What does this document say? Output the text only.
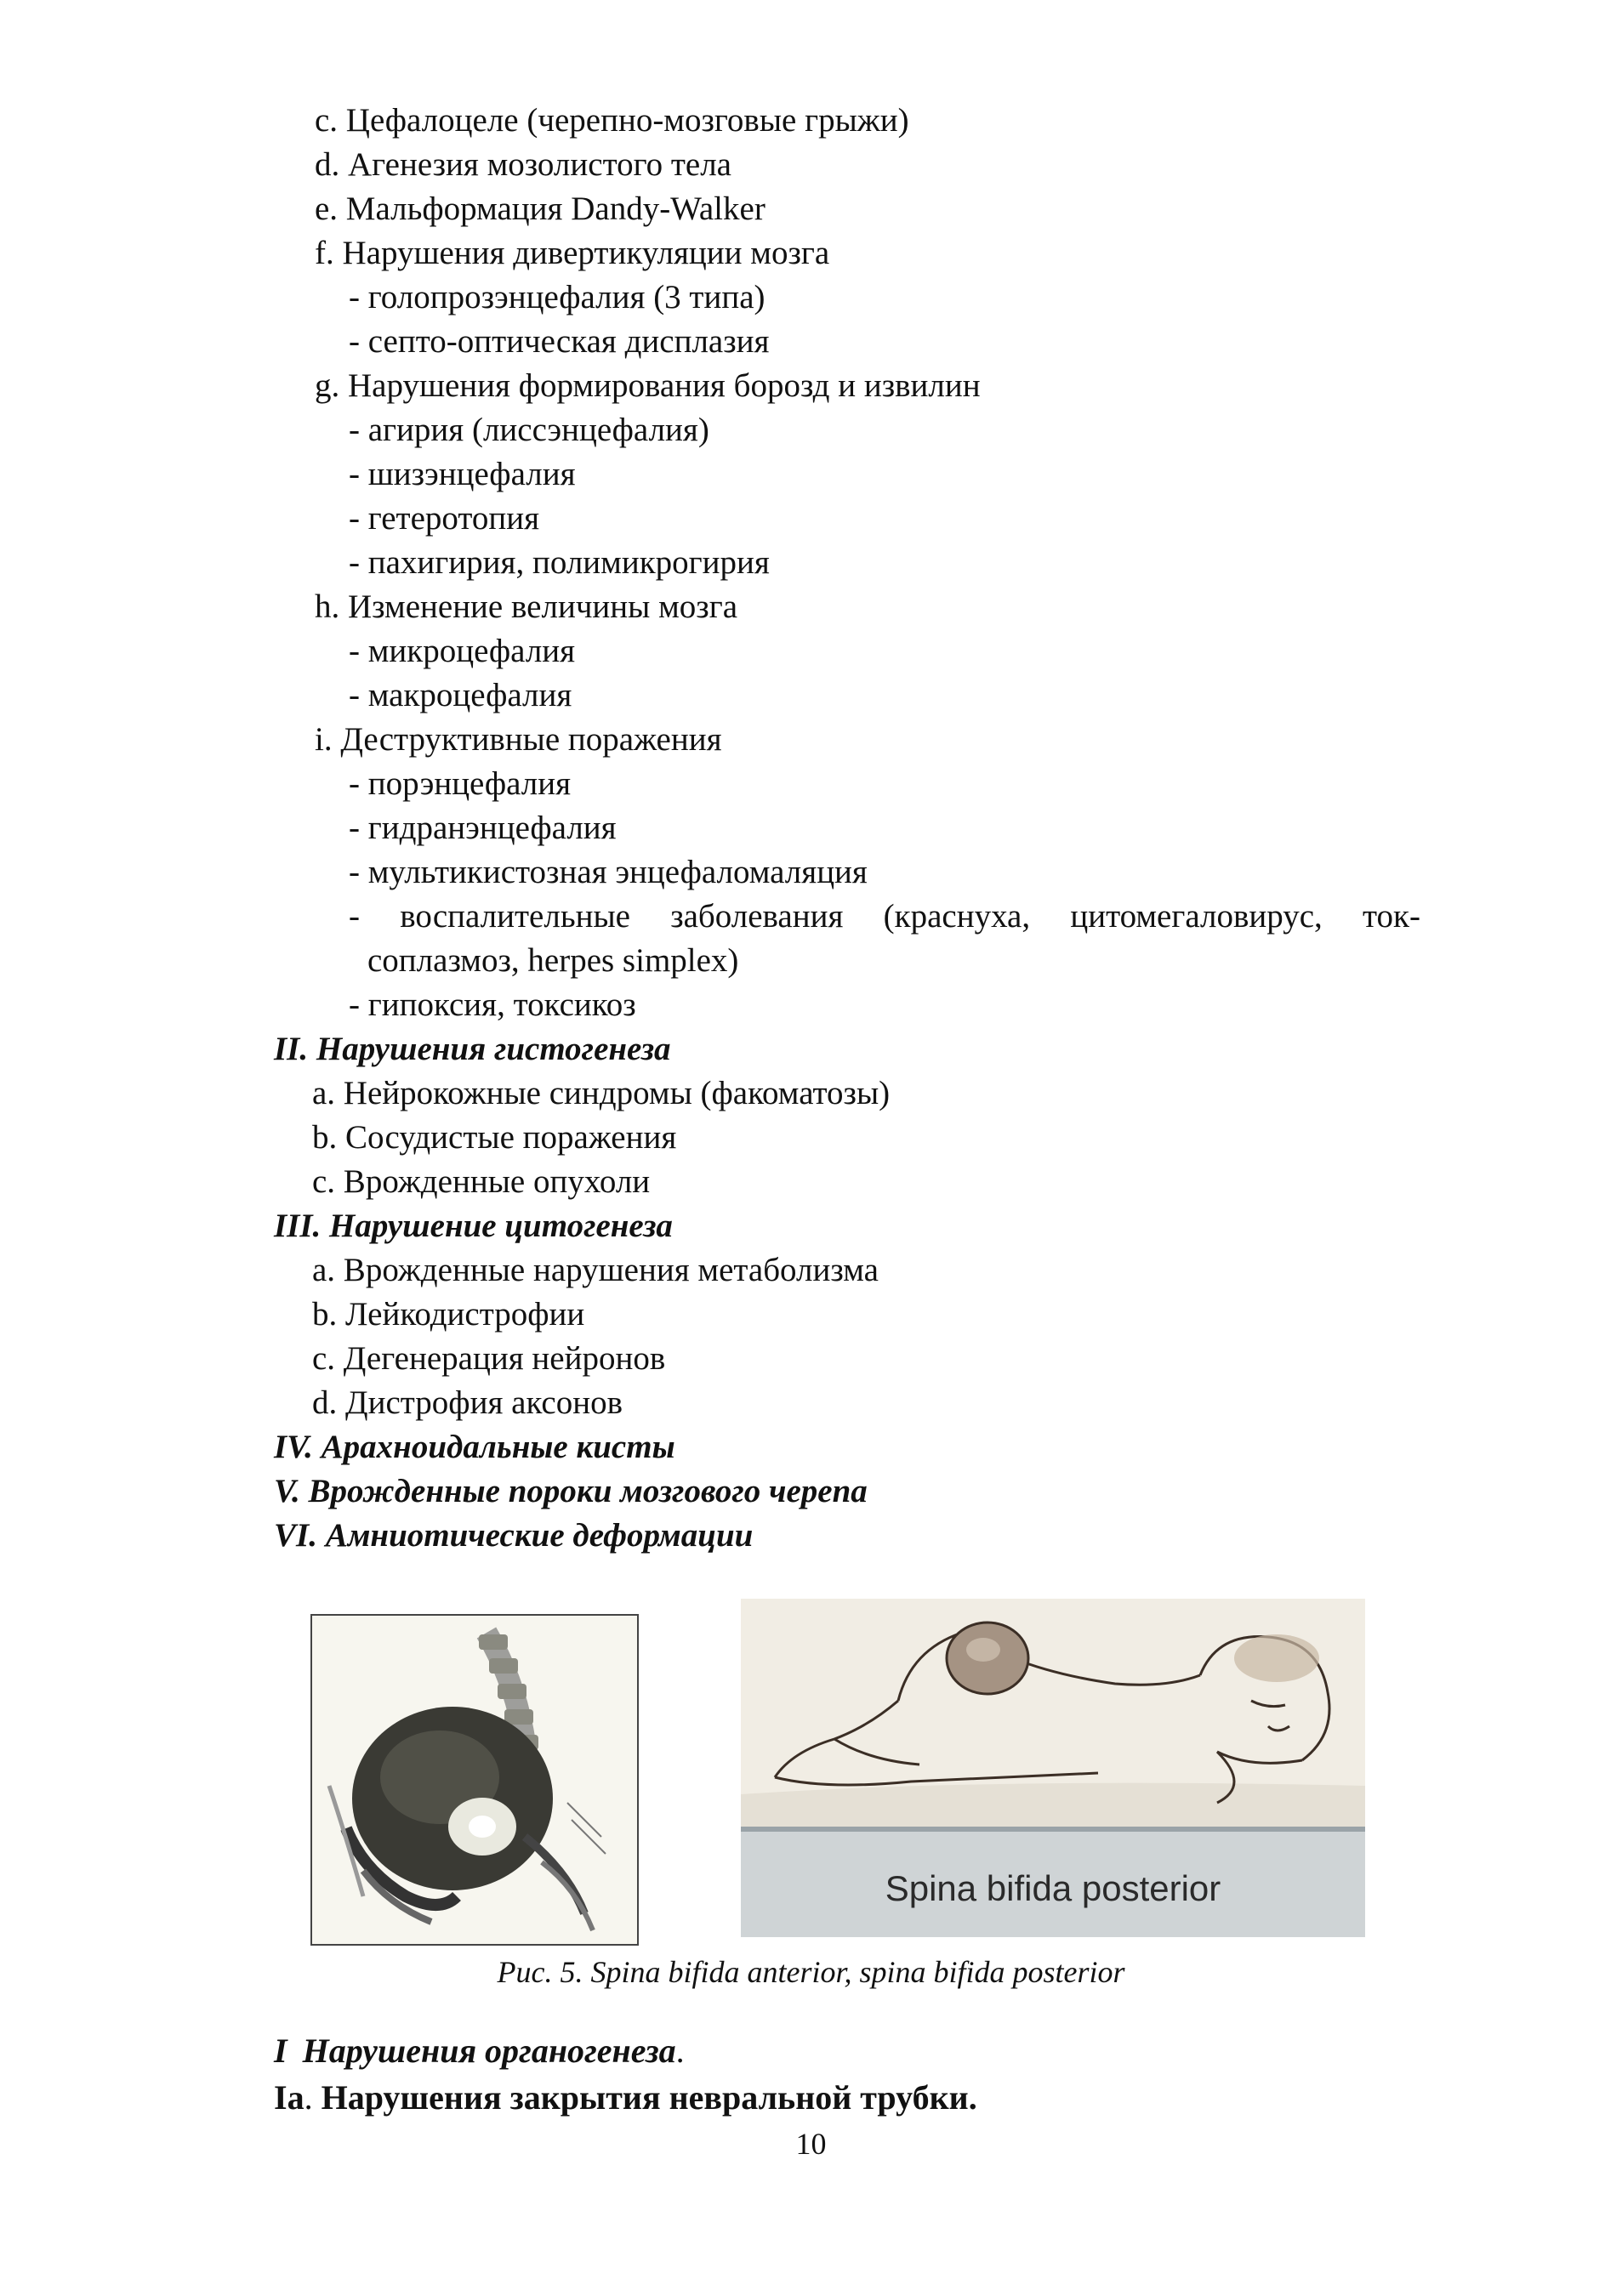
c. Цефалоцеле (черепно-мозговые грыжи)
d. Агенезия мозолистого тела
e. Мальформация Dandy-Walker
f. Нарушения дивертикуляции мозга
- голопрозэнцефалия (3 типа)
- септо-оптическая дисплазия
g. Нарушения формирования борозд и извилин
- агирия (лиссэнцефалия)
- шизэнцефалия
- гетеротопия
- пахигирия, полимикрогирия
h. Изменение величины мозга
- микроцефалия
- макроцефалия
i. Деструктивные поражения
- порэнцефалия
- гидранэнцефалия
- мультикистозная энцефаломаляция
- воспалительные заболевания (краснуха, цитомегаловирус, ток-
соплазмоз, herpes simplex)
- гипоксия, токсикоз
II. Нарушения гистогенеза
a. Нейрокожные синдромы (факоматозы)
b. Сосудистые поражения
c. Врожденные опухоли
III. Нарушение цитогенеза
a. Врожденные нарушения метаболизма
b. Лейкодистрофии
c. Дегенерация нейронов
d. Дистрофия аксонов
IV. Арахноидальные кисты
V. Врожденные пороки мозгового черепа
VI. Амниотические деформации
Spina bifida posterior
Рис. 5. Spina bifida anterior, spina bifida posterior
I Нарушения органогенеза.
Ia. Нарушения закрытия невральной трубки.
10
